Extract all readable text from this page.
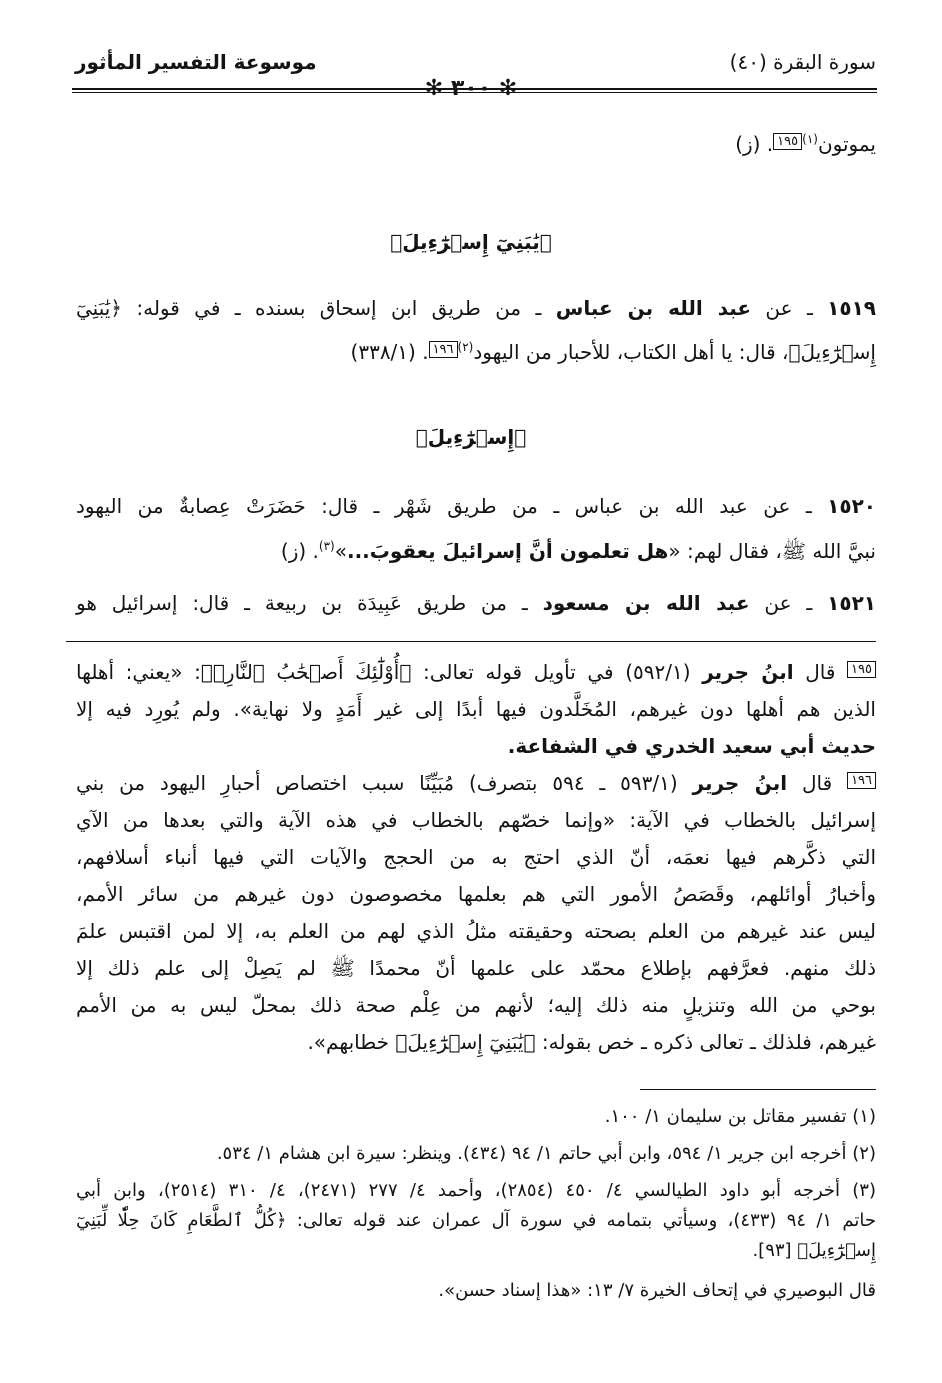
موسوعة التفسير المأثور	سورة البقرة (٤٠)
يموتون$^{(١)}$١٩٥. (ز)
﴿يَٰبَنِيٓ إِسۡرَٰٓءِيلَ﴾
١٥١٩ ـ عن عبد الله بن عباس ـ من طريق ابن إسحاق بسنده ـ في قوله: ﴿يَٰبَنِيٓ
إِسۡرَٰٓءِيلَ﴾، قال: يا أهل الكتاب، للأحبار من اليهود$^{(٢)}$١٩٦. (٣٣٨/١)
﴿إِسۡرَٰٓءِيلَ﴾
١٥٢٠ ـ عن عبد الله بن عباس ـ من طريق شَهْر ـ قال: حَضَرَتْ عِصابةٌ من اليهود
نبيَّ الله ﷺ، فقال لهم: «هل تعلمون أنَّ إسرائيلَ يعقوبَ...»$^{(٣)}$. (ز)
١٥٢١ ـ عن عبد الله بن مسعود ـ من طريق عَبِيدَة بن ربيعة ـ قال: إسرائيل هو
١٩٥ قال ابنُ جرير (٥٩٢/١) في تأويل قوله تعالى: ﴿أُوْلَٰٓئِكَ أَصۡحَٰبُ ٱلنَّارِۖ﴾: «يعني: أهلها
الذين هم أهلها دون غيرهم، المُخَلَّدون فيها أبدًا إلى غير أَمَدٍ ولا نهاية». ولم يُورِد فيه إلا
حديث أبي سعيد الخدري في الشفاعة.
١٩٦ قال ابنُ جرير (٥٩٣/١ ـ ٥٩٤ بتصرف) مُبَيِّنًا سبب اختصاص أحبارِ اليهود من بني
إسرائيل بالخطاب في الآية: «وإنما خصّهم بالخطاب في هذه الآية والتي بعدها من الآي
التي ذكَّرهم فيها نعمَه، أنّ الذي احتج به من الحجج والآيات التي فيها أنباء أسلافهم،
وأخبارُ أوائلهم، وقَصَصُ الأمور التي هم بعلمها مخصوصون دون غيرهم من سائر الأمم،
ليس عند غيرهم من العلم بصحته وحقيقته مثلُ الذي لهم من العلم به، إلا لمن اقتبس علمَ
ذلك منهم. فعرَّفهم بإطلاع محمّد على علمها أنّ محمدًا ﷺ لم يَصِلْ إلى علم ذلك إلا
بوحي من الله وتنزيلٍ منه ذلك إليه؛ لأنهم من عِلْم صحة ذلك بمحلّ ليس به من الأمم
غيرهم، فلذلك ـ تعالى ذكره ـ خص بقوله: ﴿يَٰبَنِيٓ إِسۡرَٰٓءِيلَ﴾ خطابهم».
(١) تفسير مقاتل بن سليمان ١/ ١٠٠.
(٢) أخرجه ابن جرير ١/ ٥٩٤، وابن أبي حاتم ١/ ٩٤ (٤٣٤). وينظر: سيرة ابن هشام ١/ ٥٣٤.
(٣) أخرجه أبو داود الطيالسي ٤/ ٤٥٠ (٢٨٥٤)، وأحمد ٤/ ٢٧٧ (٢٤٧١)، ٤/ ٣١٠ (٢٥١٤)، وابن أبي
حاتم ١/ ٩٤ (٤٣٣)، وسيأتي بتمامه في سورة آل عمران عند قوله تعالى: ﴿كُلُّ ٱلطَّعَامِ كَانَ حِلّٗا لِّبَنِيٓ
إِسۡرَٰٓءِيلَ﴾ [٩٣].
قال البوصيري في إتحاف الخيرة ٧/ ١٣: «هذا إسناد حسن».
